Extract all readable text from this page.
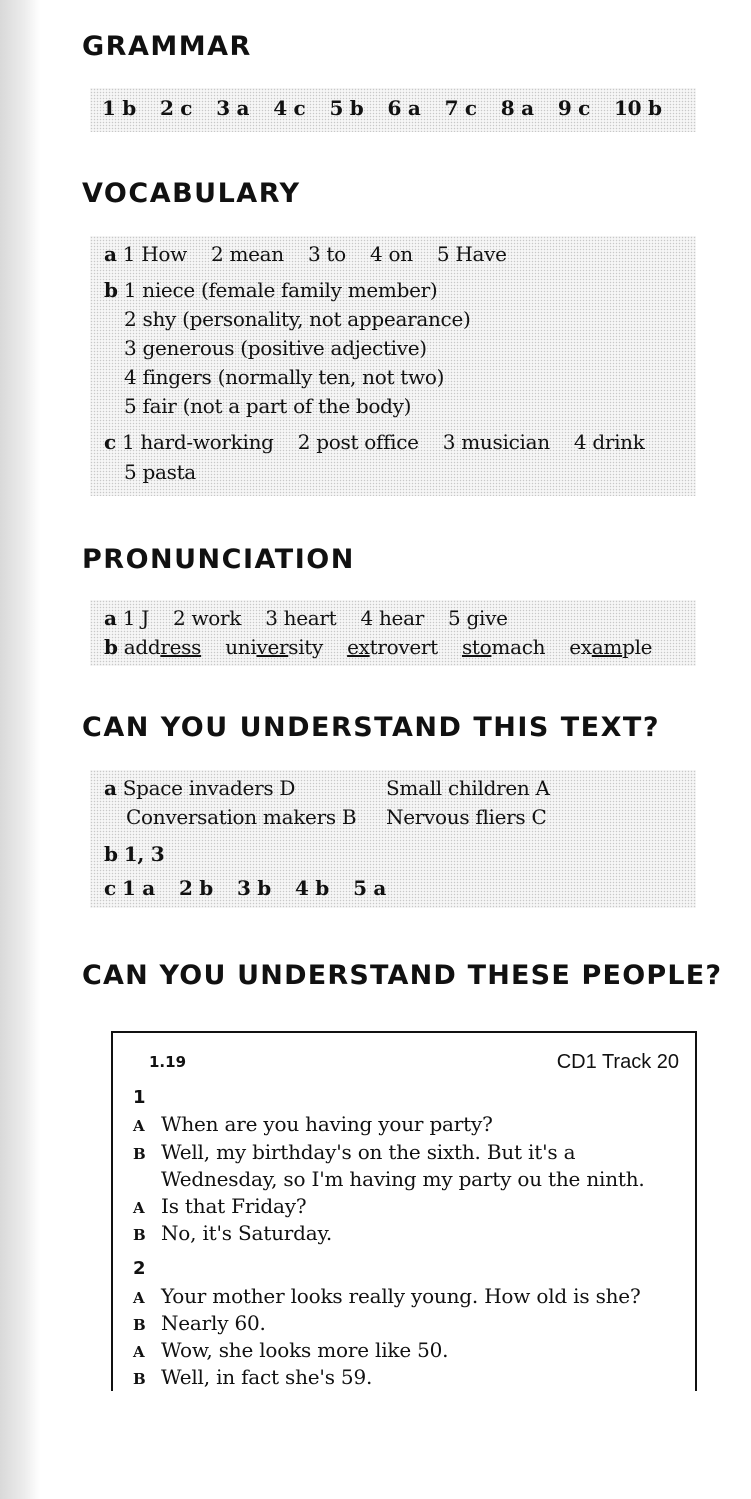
GRAMMAR
1 b 2 c 3 a 4 c 5 b 6 a 7 c 8 a 9 c 10 b
VOCABULARY
a 1 How 2 mean 3 to 4 on 5 Have
b 1 niece (female family member)
2 shy (personality, not appearance)
3 generous (positive adjective)
4 fingers (normally ten, not two)
5 fair (not a part of the body)
c 1 hard-working 2 post office 3 musician 4 drink
5 pasta
PRONUNCIATION
a 1 J 2 work 3 heart 4 hear 5 give
b address university extrovert stomach example
CAN YOU UNDERSTAND THIS TEXT?
a Space invaders D	Small children A
Conversation makers B Nervous fliers C
b 1, 3
c 1 a 2 b 3 b 4 b 5 a
CAN YOU UNDERSTAND THESE PEOPLE?
1.19	CD1 Track 20
1
A When are you having your party?
B Well, my birthday's on the sixth. But it's a
Wednesday, so I'm having my party ou the ninth.
A Is that Friday?
B No, it's Saturday.
2
A Your mother looks really young. How old is she?
B Nearly 60.
A Wow, she looks more like 50.
B Well, in fact she's 59.
